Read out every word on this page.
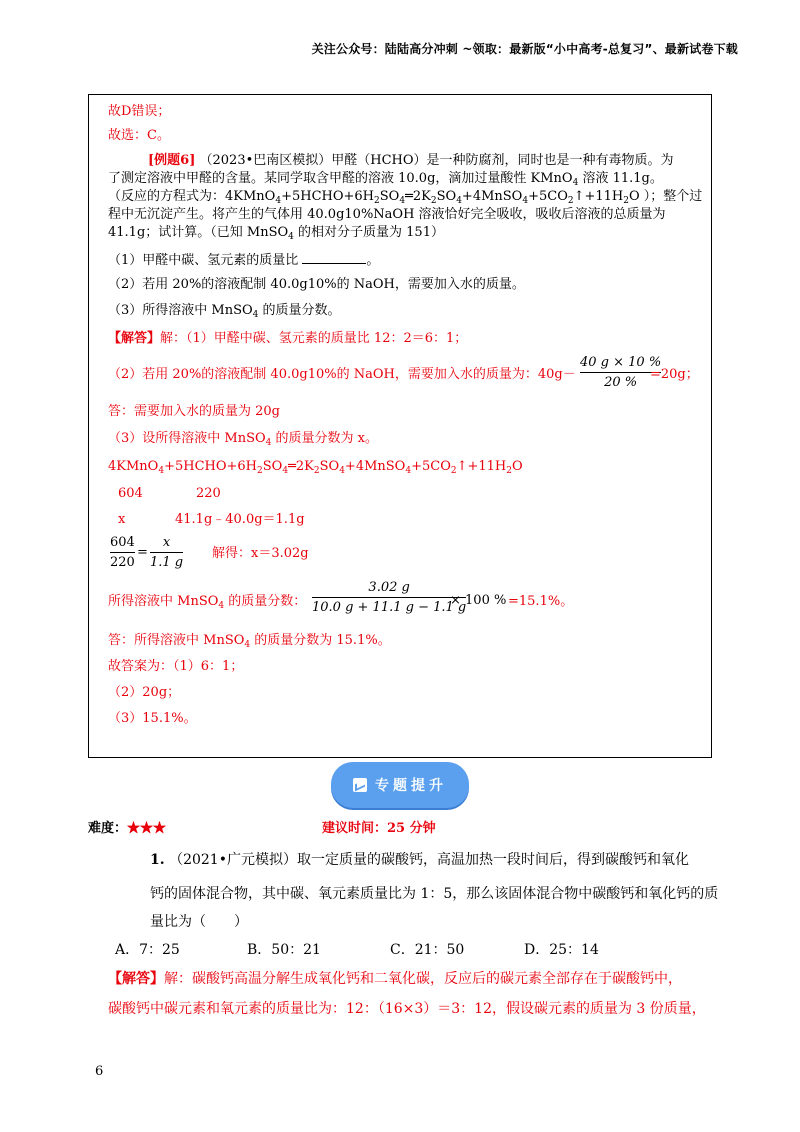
关注公众号：陆陆高分冲刺 ~领取：最新版“小中高考-总复习”、最新试卷下载
故D错误；
故选：C。
[例题6] （2023•巴南区模拟）甲醛（HCHO）是一种防腐剂，同时也是一种有毒物质。为
了测定溶液中甲醛的含量。某同学取含甲醛的溶液 10.0g，滴加过量酸性 KMnO$_4$ 溶液 11.1g。
（反应的方程式为：$4KMnO_4+5HCHO+6H_2SO_4═2K_2SO_4+4MnSO_4+5CO_2↑+11H_2O$ ）；整个过
程中无沉淀产生。将产生的气体用 40.0g10%NaOH 溶液恰好完全吸收，吸收后溶液的总质量为
41.1g；试计算。（已知 MnSO$_4$ 的相对分子质量为 151）
（1）甲醛中碳、氢元素的质量比	。
（2）若用 20%的溶液配制 40.0g10%的 NaOH，需要加入水的质量。
（3）所得溶液中 MnSO$_4$ 的质量分数。
【解答】解：（1）甲醛中碳、氢元素的质量比 12：2＝6：1；
（2）若用 20%的溶液配制 40.0g10%的 NaOH，需要加入水的质量为：40g－
40 g × 10 %
20 %
=20g；
答：需要加入水的质量为 20g
（3）设所得溶液中 MnSO$_4$ 的质量分数为 x。
$4KMnO_4+5HCHO+6H_2SO_4═2K_2SO_4+4MnSO_4+5CO_2↑+11H_2O$
604	220
x	41.1g﹣40.0g＝1.1g
604
220
=
x
1.1 g
解得：x＝3.02g
所得溶液中 MnSO$_4$ 的质量分数：
3.02 g
10.0 g + 11.1 g − 1.1 g
× 100 % =15.1%。
答：所得溶液中 MnSO$_4$ 的质量分数为 15.1%。
故答案为：（1）6：1；
（2）20g；
（3）15.1%。
专题提升
难度：★★★	建议时间：25 分钟
1. （2021•广元模拟）取一定质量的碳酸钙，高温加热一段时间后，得到碳酸钙和氧化
钙的固体混合物，其中碳、氧元素质量比为 1：5，那么该固体混合物中碳酸钙和氧化钙的质
量比为（　　）
A．7：25	B．50：21	C．21：50	D．25：14
【解答】解：碳酸钙高温分解生成氧化钙和二氧化碳，反应后的碳元素全部存在于碳酸钙中，
碳酸钙中碳元素和氧元素的质量比为：12：（16×3）＝3：12，假设碳元素的质量为 3 份质量，
6
